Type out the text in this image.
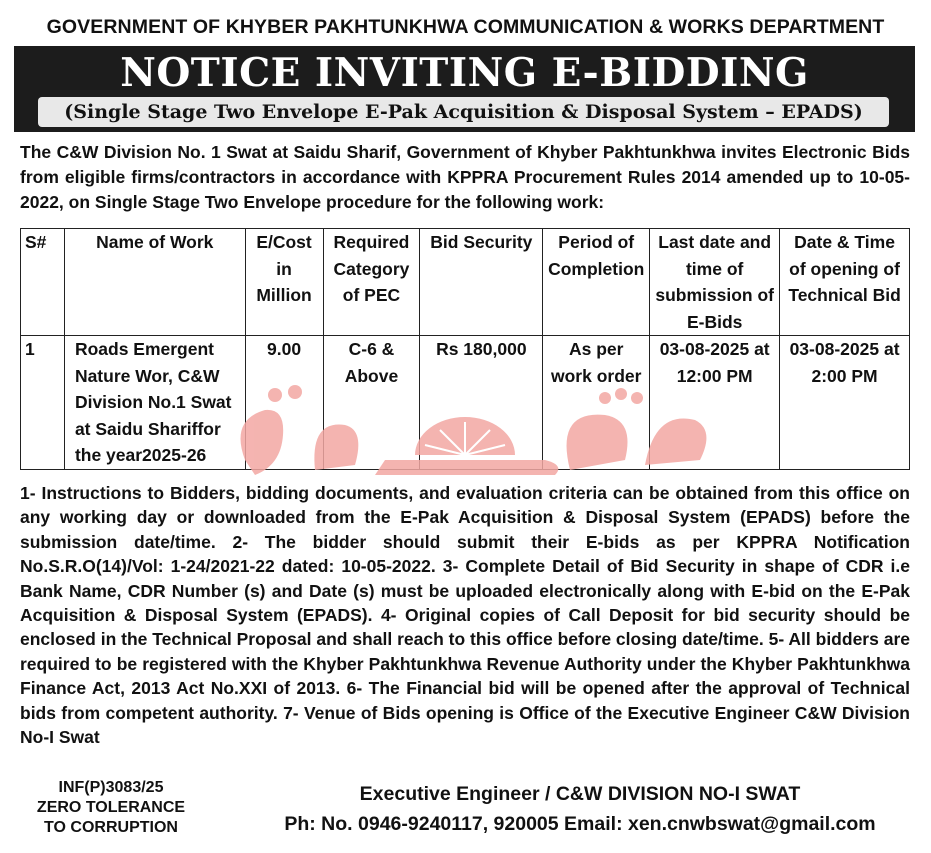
GOVERNMENT OF KHYBER PAKHTUNKHWA COMMUNICATION & WORKS DEPARTMENT
NOTICE INVITING E-BIDDING
(Single Stage Two Envelope E-Pak Acquisition & Disposal System – EPADS)
The C&W Division No. 1 Swat at Saidu Sharif, Government of Khyber Pakhtunkhwa invites Electronic Bids from eligible firms/contractors in accordance with KPPRA Procurement Rules 2014 amended up to 10-05-2022, on Single Stage Two Envelope procedure for the following work:
S#	Name of Work	E/Cost in Million	Required Category of PEC	Bid Security	Period of Completion	Last date and time of submission of E-Bids	Date & Time of opening of Technical Bid
1	Roads Emergent Nature Wor, C&W Division No.1 Swat at Saidu Shariffor the year2025-26	9.00	C-6 & Above	Rs 180,000	As per work order	03-08-2025 at 12:00 PM	03-08-2025 at 2:00 PM
1- Instructions to Bidders, bidding documents, and evaluation criteria can be obtained from this office on any working day or downloaded from the E-Pak Acquisition & Disposal System (EPADS) before the submission date/time. 2- The bidder should submit their E-bids as per KPPRA Notification No.S.R.O(14)/Vol: 1-24/2021-22 dated: 10-05-2022. 3- Complete Detail of Bid Security in shape of CDR i.e Bank Name, CDR Number (s) and Date (s) must be uploaded electronically along with E-bid on the E-Pak Acquisition & Disposal System (EPADS). 4- Original copies of Call Deposit for bid security should be enclosed in the Technical Proposal and shall reach to this office before closing date/time. 5- All bidders are required to be registered with the Khyber Pakhtunkhwa Revenue Authority under the Khyber Pakhtunkhwa Finance Act, 2013 Act No.XXI of 2013. 6- The Financial bid will be opened after the approval of Technical bids from competent authority. 7- Venue of Bids opening is Office of the Executive Engineer C&W Division No-I Swat
INF(P)3083/25
ZERO TOLERANCE
TO CORRUPTION
Executive Engineer / C&W DIVISION NO-I SWAT
Ph: No. 0946-9240117, 920005 Email: xen.cnwbswat@gmail.com
